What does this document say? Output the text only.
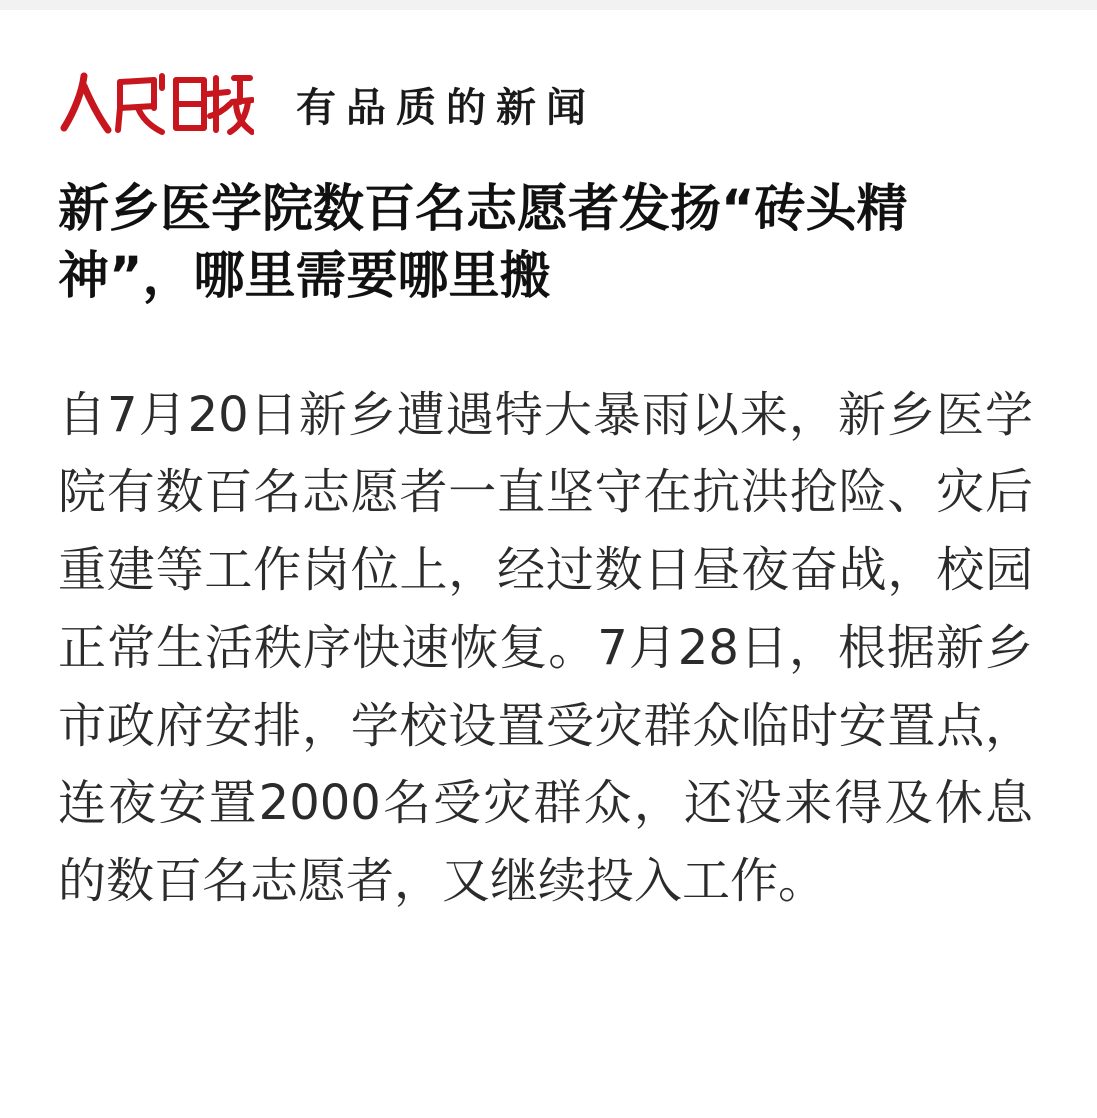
有品质的新闻
新乡医学院数百名志愿者发扬“砖头精神”，哪里需要哪里搬

自7月20日新乡遭遇特大暴雨以来，新乡医学院有数百名志愿者一直坚守在抗洪抢险、灾后重建等工作岗位上，经过数日昼夜奋战，校园正常生活秩序快速恢复。7月28日，根据新乡市政府安排，学校设置受灾群众临时安置点，连夜安置2000名受灾群众，还没来得及休息的数百名志愿者，又继续投入工作。
